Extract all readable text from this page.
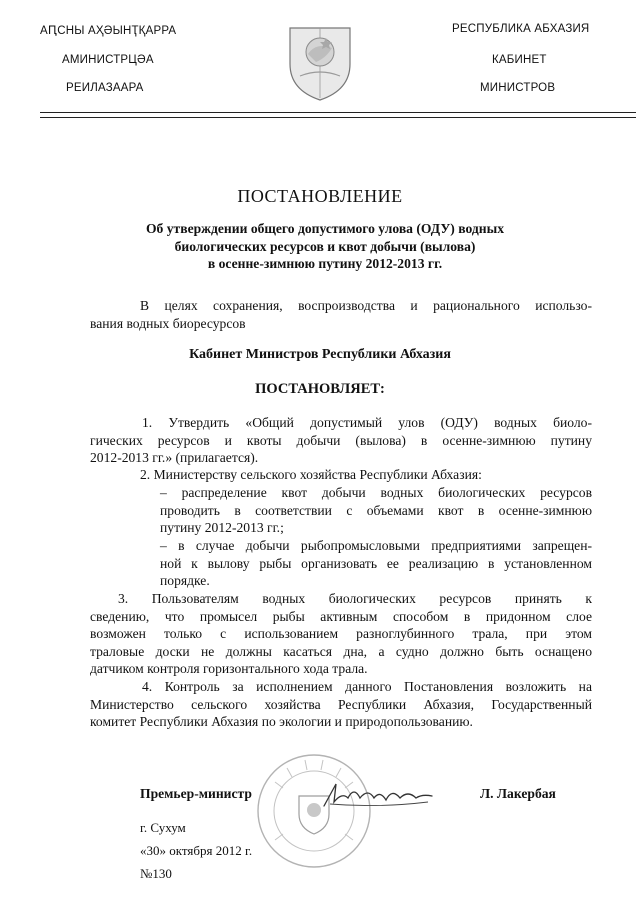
АԤСНЫ АҲӘЫНҬҚАРРА
АМИНИСТРЦӘА
РЕИЛАЗААРА
РЕСПУБЛИКА АБХАЗИЯ
КАБИНЕТ
МИНИСТРОВ
ПОСТАНОВЛЕНИЕ
Об утверждении общего допустимого улова (ОДУ) водных
биологических ресурсов и квот добычи (вылова)
в осенне-зимнюю путину 2012-2013 гг.
В целях сохранения, воспроизводства и рационального использо-
вания водных биоресурсов
Кабинет Министров Республики Абхазия
ПОСТАНОВЛЯЕТ:
1. Утвердить «Общий допустимый улов (ОДУ) водных биоло-
гических ресурсов и квоты добычи (вылова) в осенне-зимнюю путину
2012-2013 гг.» (прилагается).
2. Министерству сельского хозяйства Республики Абхазия:
– распределение квот добычи водных биологических ресурсов
проводить в соответствии с объемами квот в осенне-зимнюю
путину 2012-2013 гг.;
– в случае добычи рыбопромысловыми предприятиями запрещен-
ной к вылову рыбы организовать ее реализацию в установленном
порядке.
3. Пользователям водных биологических ресурсов принять к
сведению, что промысел рыбы активным способом в придонном слое
возможен только с использованием разноглубинного трала, при этом
траловые доски не должны касаться дна, а судно должно быть оснащено
датчиком контроля горизонтального хода трала.
4. Контроль за исполнением данного Постановления возложить на
Министерство сельского хозяйства Республики Абхазия, Государственный
комитет Республики Абхазия по экологии и природопользованию.
Премьер-министр	Л. Лакербая
г. Сухум
«30» октября 2012 г.
№130
